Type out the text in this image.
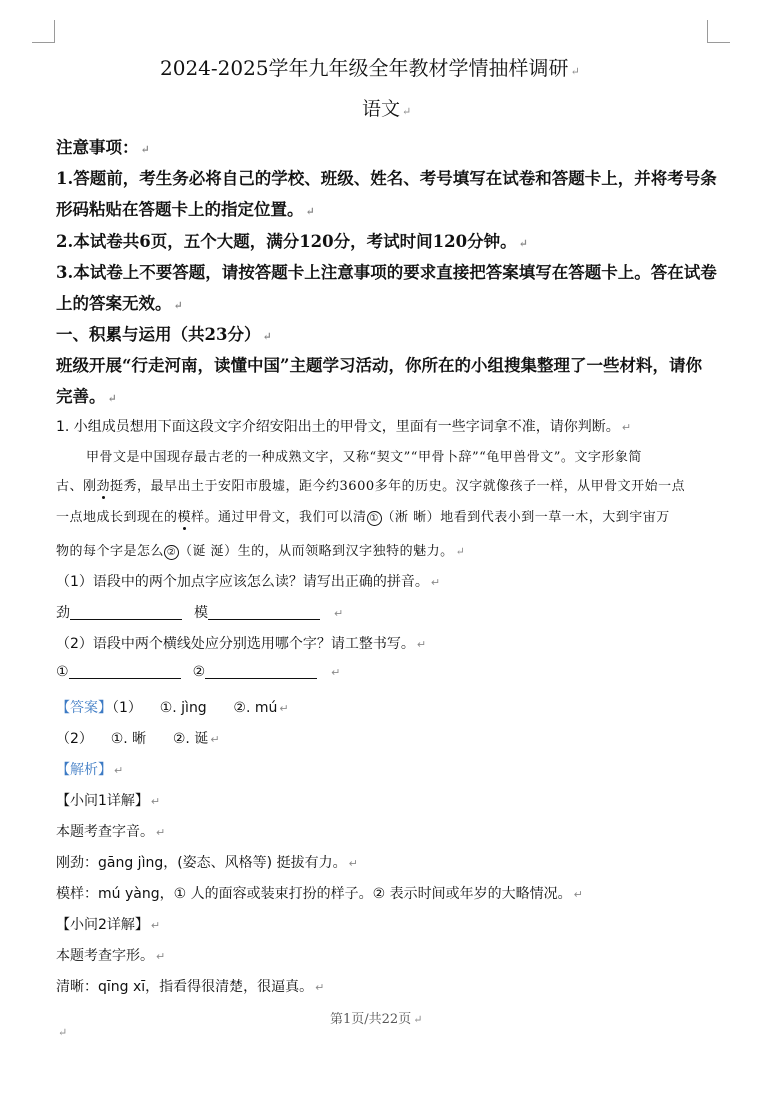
2024-2025学年九年级全年教材学情抽样调研 ↵
语文 ↵
注意事项： ↵
1.答题前，考生务必将自己的学校、班级、姓名、考号填写在试卷和答题卡上，并将考号条
形码粘贴在答题卡上的指定位置。 ↵
2.本试卷共6页，五个大题，满分120分，考试时间120分钟。 ↵
3.本试卷上不要答题，请按答题卡上注意事项的要求直接把答案填写在答题卡上。答在试卷
上的答案无效。 ↵
一、积累与运用（共23分） ↵
班级开展“行走河南，读懂中国”主题学习活动，你所在的小组搜集整理了一些材料，请你
完善。 ↵
1. 小组成员想用下面这段文字介绍安阳出土的甲骨文，里面有一些字词拿不准，请你判断。 ↵
甲骨文是中国现存最古老的一种成熟文字，又称“契文”“甲骨卜辞”“龟甲兽骨文”。文字形象简
古、刚劲挺秀，最早出土于安阳市殷墟，距今约3600多年的历史。汉字就像孩子一样，从甲骨文开始一点
一点地成长到现在的模样。通过甲骨文，我们可以清 ① （淅 晰）地看到代表小到一草一木，大到宇宙万
物的每个字是怎么 ② （诞 涎）生的，从而领略到汉字独特的魅力。 ↵
（1）语段中的两个加点字应该怎么读？请写出正确的拼音。 ↵
劲	模	↵
（2）语段中两个横线处应分别选用哪个字？请工整书写。 ↵
①	②	↵
【答案】（1）    ①. jìng      ②. mú ↵
（2）    ①. 晰      ②. 诞 ↵
【解析】 ↵
【小问1详解】 ↵
本题考查字音。 ↵
刚劲：gāng jìng，(姿态、风格等) 挺拔有力。 ↵
模样：mú yàng，① 人的面容或装束打扮的样子。② 表示时间或年岁的大略情况。 ↵
【小问2详解】 ↵
本题考查字形。 ↵
清晰：qīng xī，指看得很清楚，很逼真。 ↵
第1页/共22页 ↵
↵
